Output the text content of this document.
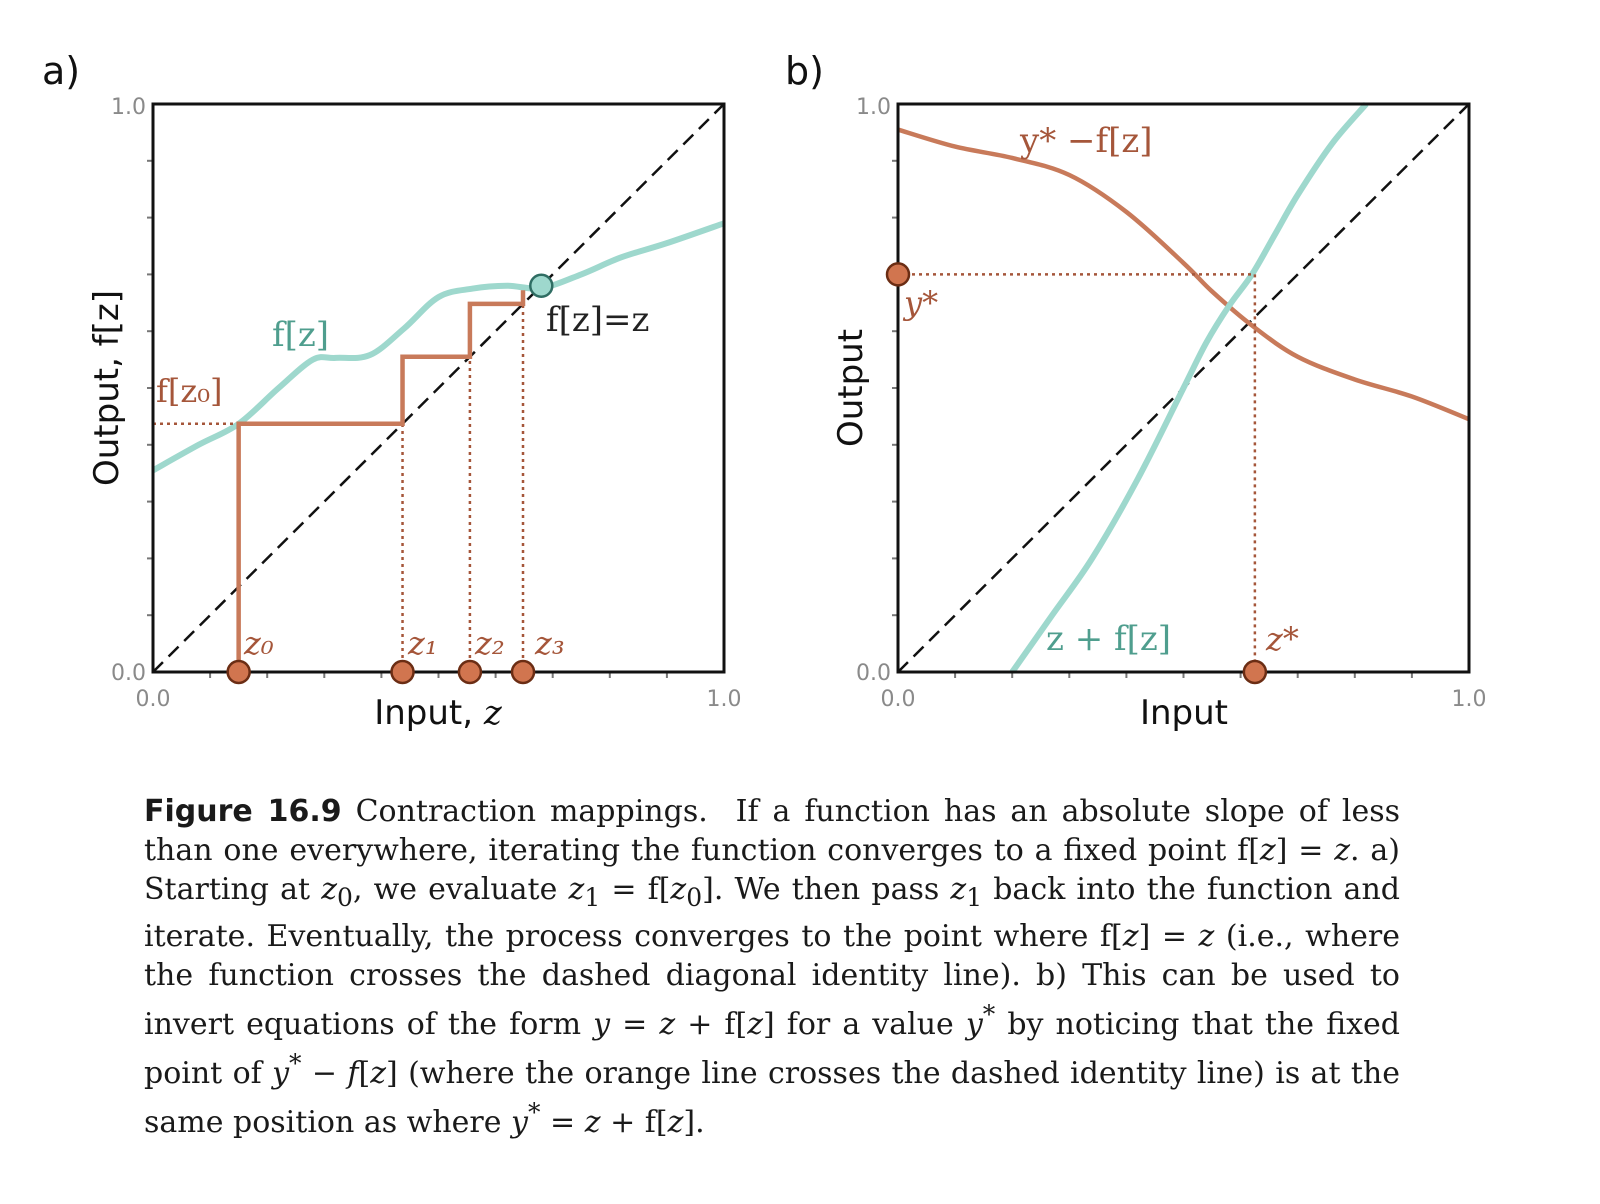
a)	b)
f[z₀]
f[z]	f[z]=z
z₀	z₁ z₂ z₃
1.0
0.0
0.0	1.0
Input, z
Output, f[z]
y* −f[z]
z + f[z]
y*
z*
1.0
0.0
0.0	1.0
Input
Output
Figure 16.9 Contraction mappings.  If a function has an absolute slope of less than one everywhere, iterating the function converges to a fixed point f[z] = z. a) Starting at $z_0$, we evaluate $z_1 = f[z_0]$. We then pass $z_1$ back into the function and iterate. Eventually, the process converges to the point where f[z] = z (i.e., where the function crosses the dashed diagonal identity line). b) This can be used to invert equations of the form y = z + f[z] for a value y* by noticing that the fixed point of y* − f[z] (where the orange line crosses the dashed identity line) is at the same position as where y* = z + f[z].
